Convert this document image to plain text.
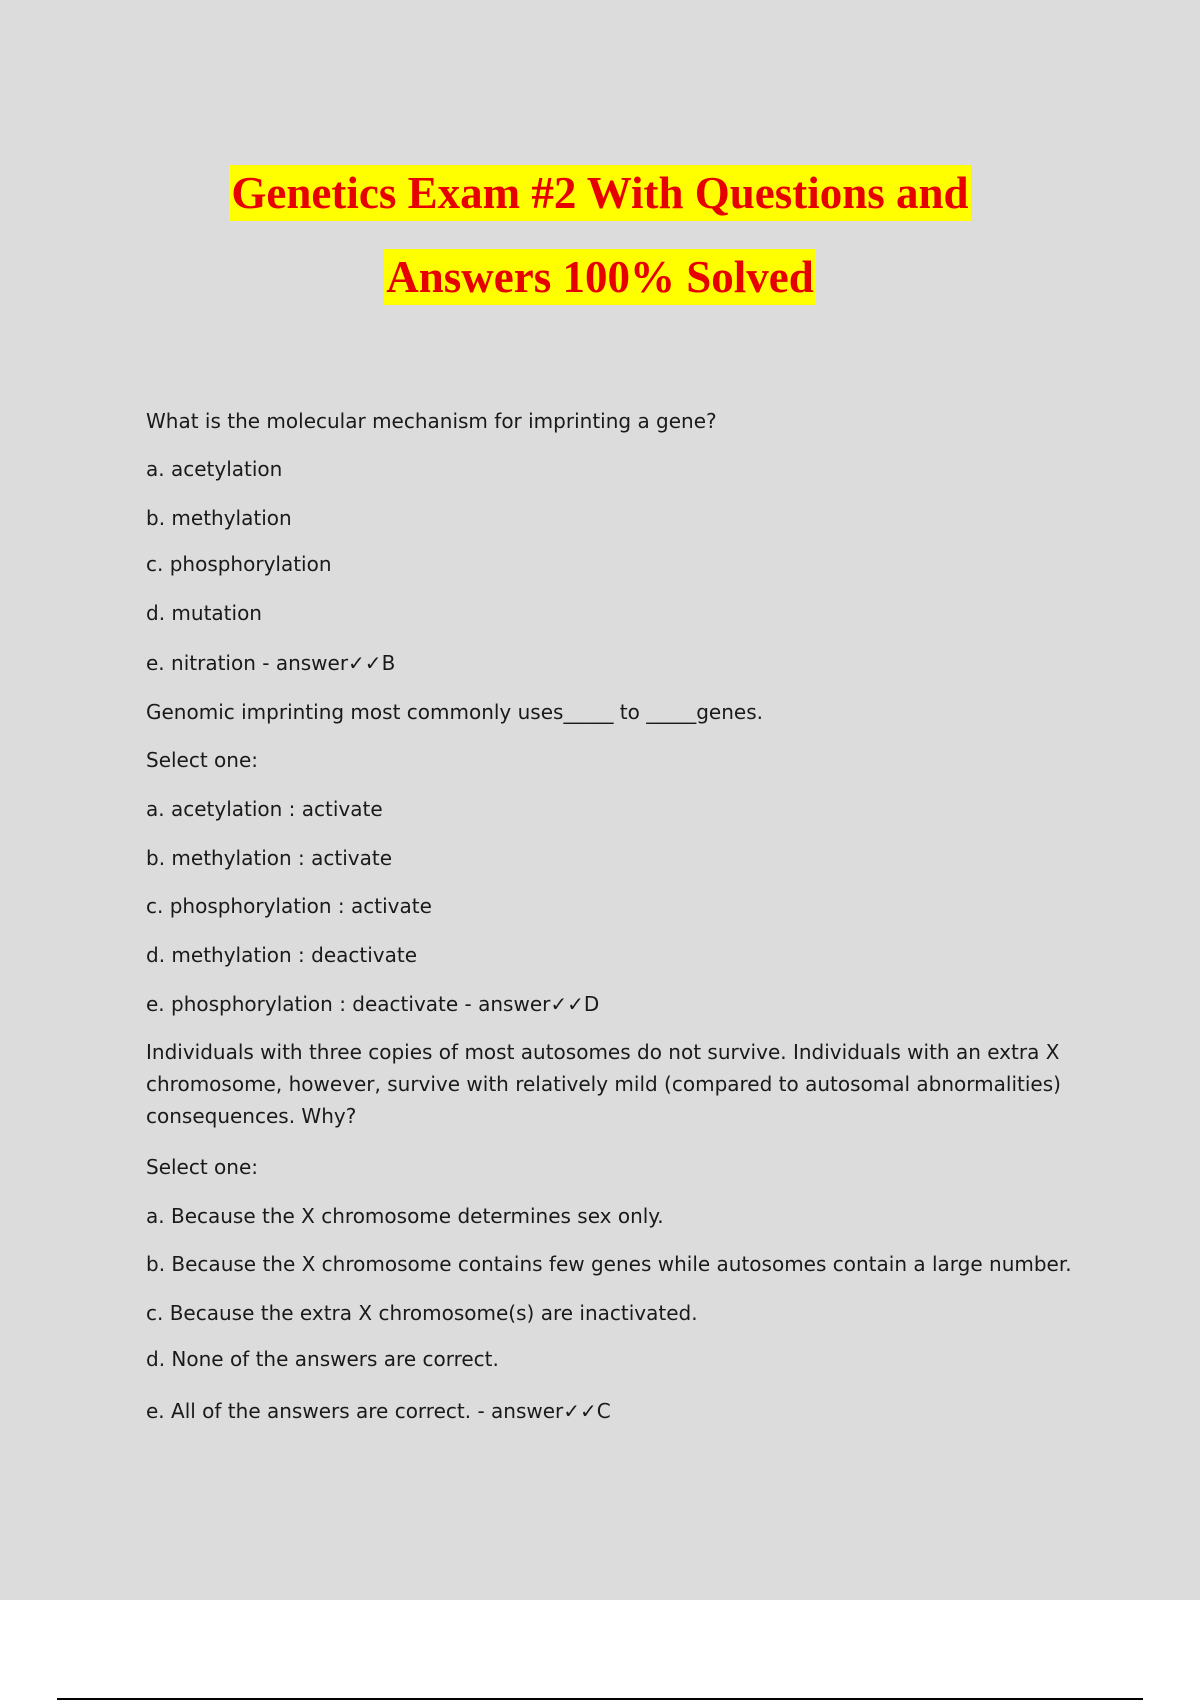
Genetics Exam #2 With Questions and
Answers 100% Solved
What is the molecular mechanism for imprinting a gene?
a. acetylation
b. methylation
c. phosphorylation
d. mutation
e. nitration - answer✓✓B
Genomic imprinting most commonly uses_____ to _____genes.
Select one:
a. acetylation : activate
b. methylation : activate
c. phosphorylation : activate
d. methylation : deactivate
e. phosphorylation : deactivate - answer✓✓D
Individuals with three copies of most autosomes do not survive. Individuals with an extra X chromosome, however, survive with relatively mild (compared to autosomal abnormalities) consequences. Why?
Select one:
a. Because the X chromosome determines sex only.
b. Because the X chromosome contains few genes while autosomes contain a large number.
c. Because the extra X chromosome(s) are inactivated.
d. None of the answers are correct.
e. All of the answers are correct. - answer✓✓C
